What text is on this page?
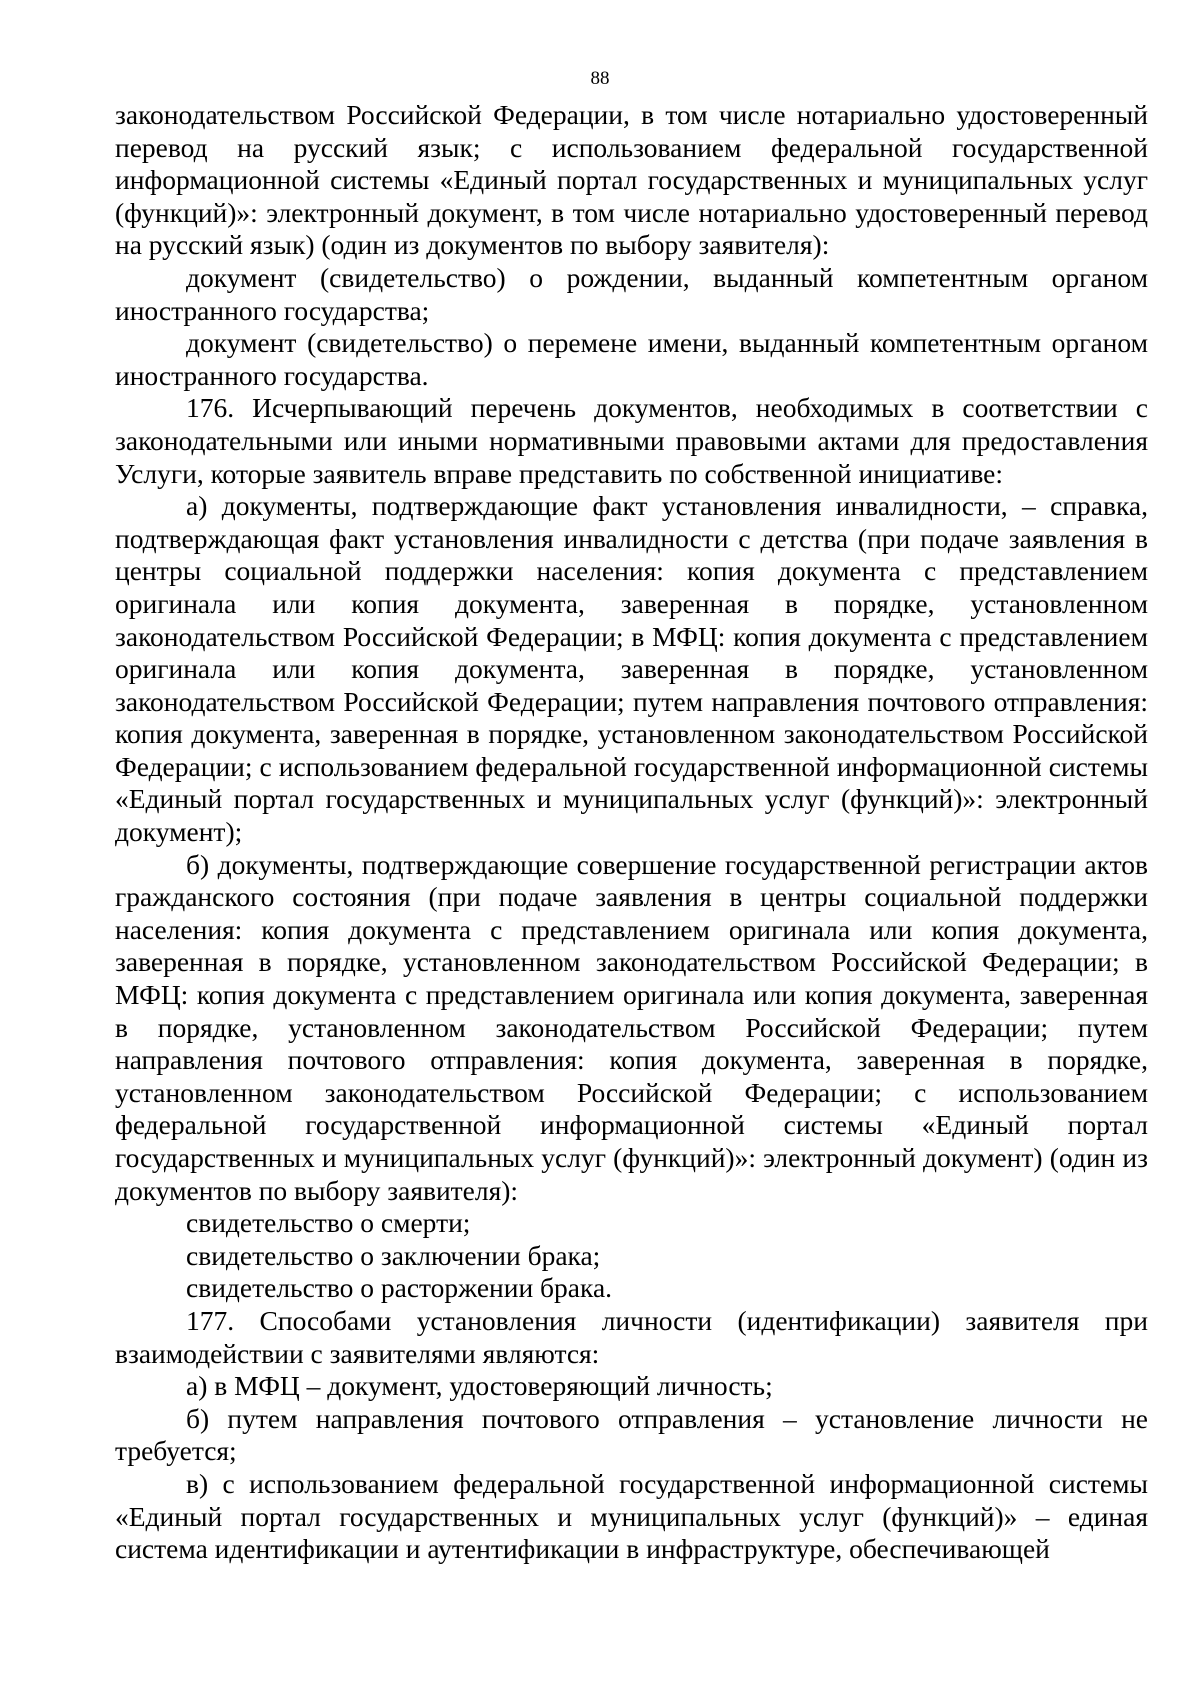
88

законодательством Российской Федерации, в том числе нотариально удостоверенный перевод на русский язык; с использованием федеральной государственной информационной системы «Единый портал государственных и муниципальных услуг (функций)»: электронный документ, в том числе нотариально удостоверенный перевод на русский язык) (один из документов по выбору заявителя):

документ (свидетельство) о рождении, выданный компетентным органом иностранного государства;

документ (свидетельство) о перемене имени, выданный компетентным органом иностранного государства.

176. Исчерпывающий перечень документов, необходимых в соответствии с законодательными или иными нормативными правовыми актами для предоставления Услуги, которые заявитель вправе представить по собственной инициативе:

а) документы, подтверждающие факт установления инвалидности, – справка, подтверждающая факт установления инвалидности с детства (при подаче заявления в центры социальной поддержки населения: копия документа с представлением оригинала или копия документа, заверенная в порядке, установленном законодательством Российской Федерации; в МФЦ: копия документа с представлением оригинала или копия документа, заверенная в порядке, установленном законодательством Российской Федерации; путем направления почтового отправления: копия документа, заверенная в порядке, установленном законодательством Российской Федерации; с использованием федеральной государственной информационной системы «Единый портал государственных и муниципальных услуг (функций)»: электронный документ);

б) документы, подтверждающие совершение государственной регистрации актов гражданского состояния (при подаче заявления в центры социальной поддержки населения: копия документа с представлением оригинала или копия документа, заверенная в порядке, установленном законодательством Российской Федерации; в МФЦ: копия документа с представлением оригинала или копия документа, заверенная в порядке, установленном законодательством Российской Федерации; путем направления почтового отправления: копия документа, заверенная в порядке, установленном законодательством Российской Федерации; с использованием федеральной государственной информационной системы «Единый портал государственных и муниципальных услуг (функций)»: электронный документ) (один из документов по выбору заявителя):

свидетельство о смерти;

свидетельство о заключении брака;

свидетельство о расторжении брака.

177. Способами установления личности (идентификации) заявителя при взаимодействии с заявителями являются:

а) в МФЦ – документ, удостоверяющий личность;

б) путем направления почтового отправления – установление личности не требуется;

в) с использованием федеральной государственной информационной системы «Единый портал государственных и муниципальных услуг (функций)» – единая система идентификации и аутентификации в инфраструктуре, обеспечивающей
